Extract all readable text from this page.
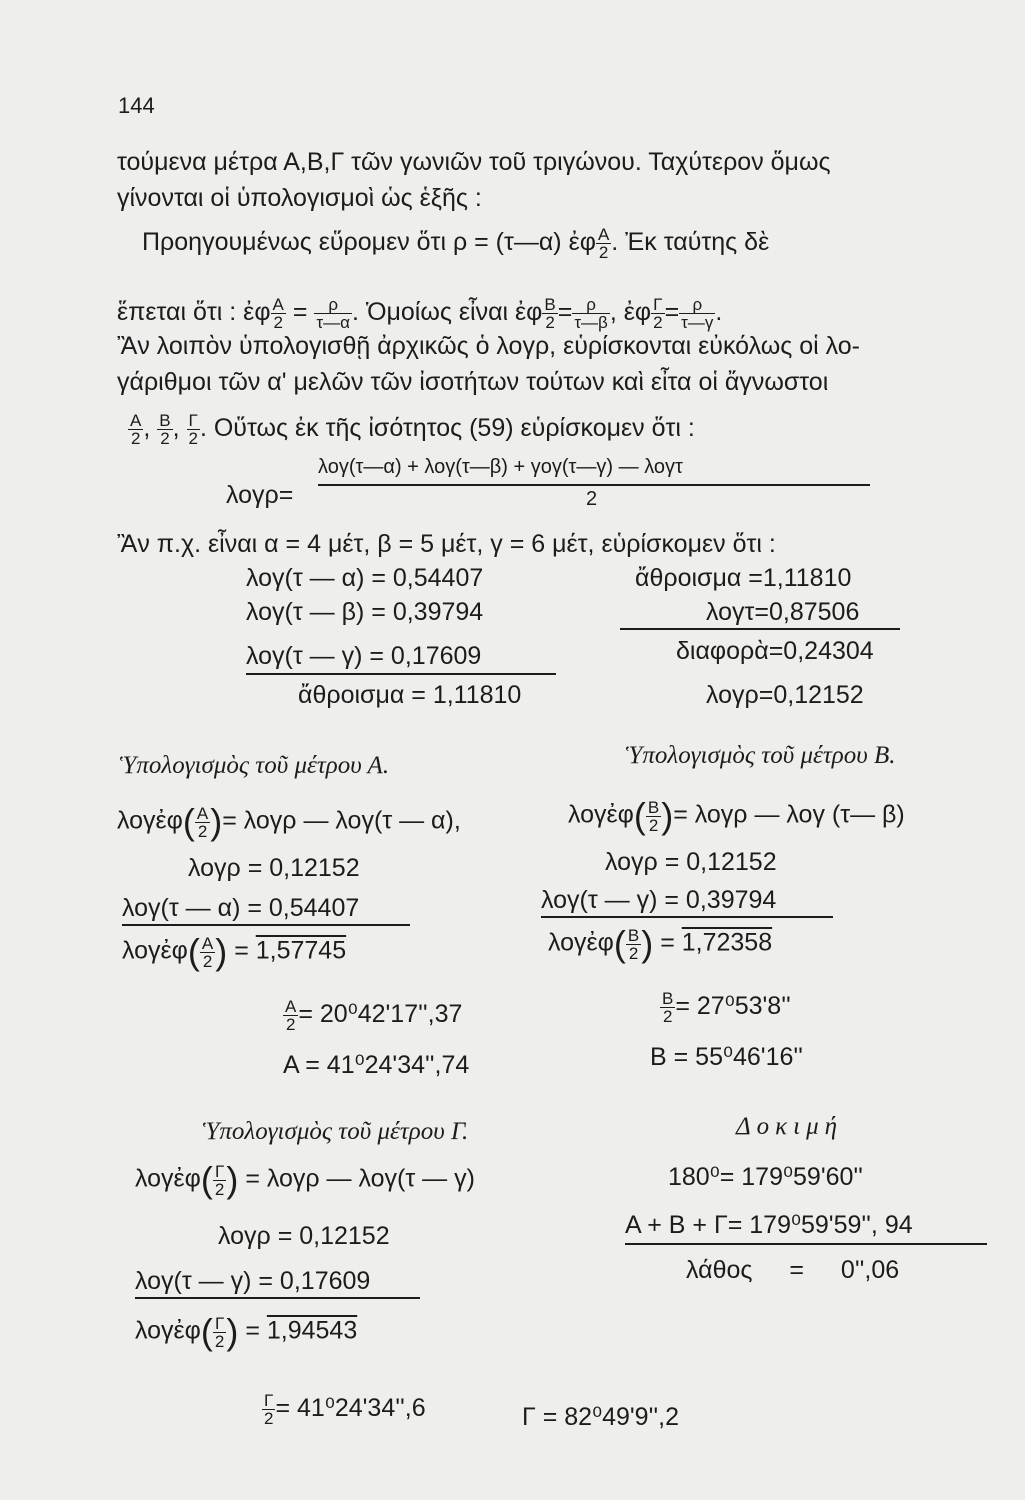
144
τούμενα μέτρα Α,Β,Γ τῶν γωνιῶν τοῦ τριγώνου. Ταχύτερον ὅμως
γίνονται οἱ ὑπολογισμοὶ ὡς ἑξῆς :
Προηγουμένως εὕρομεν ὅτι ρ = (τ—α) ἐφ $\frac{A}{2}$ . Ἐκ ταύτης δὲ
ἕπεται ὅτι : ἐφ $\frac{A}{2} = \frac{\rho}{\tau—\alpha}$ . Ὁμοίως εἶναι ἐφ $\frac{B}{2} = \frac{\rho}{\tau—\beta}$ , ἐφ $\frac{\Gamma}{2} = \frac{\rho}{\tau—\gamma}$ .
Ἂν λοιπὸν ὑπολογισθῇ ἀρχικῶς ὁ λογρ, εὑρίσκονται εὐκόλως οἱ λο-
γάριθμοι τῶν α' μελῶν τῶν ἰσοτήτων τούτων καὶ εἶτα οἱ ἄγνωστοι
$\frac{A}{2}$ , $\frac{B}{2}$ , $\frac{\Gamma}{2}$ . Οὕτως ἐκ τῆς ἰσότητος (59) εὑρίσκομεν ὅτι :
λογρ=
λογ(τ—α) + λογ(τ—β) + γογ(τ—γ) — λογτ
2
Ἂν π.χ. εἶναι α = 4 μέτ, β = 5 μέτ, γ = 6 μέτ, εὑρίσκομεν ὅτι :
λογ(τ — α) = 0,54407
λογ(τ — β) = 0,39794
λογ(τ — γ) = 0,17609
ἄθροισμα = 1,11810
ἄθροισμα =1,11810
λογτ=0,87506
διαφορὰ=0,24304
λογρ=0,12152
Ὑπολογισμὸς τοῦ μέτρου Α.
λογἐφ( $\frac{A}{2}$ )= λογρ — λογ(τ — α),
λογρ = 0,12152
λογ(τ — α) = 0,54407
λογἐφ( $\frac{A}{2}$ ) = 1,57745
$\frac{A}{2} = 20^042'17'',37$
Α = 41⁰24'34'',74
Ὑπολογισμὸς τοῦ μέτρου Β.
λογἐφ( $\frac{B}{2}$ )= λογρ — λογ (τ— β)
λογρ = 0,12152
λογ(τ — γ) = 0,39794
λογἐφ( $\frac{B}{2}$ ) = 1,72358
$\frac{B}{2} = 27^053'8''$
Β = 55⁰46'16''
Ὑπολογισμὸς τοῦ μέτρου Γ.
λογἐφ( $\frac{\Gamma}{2}$ ) = λογρ — λογ(τ — γ)
λογρ = 0,12152
λογ(τ — γ) = 0,17609
λογἐφ( $\frac{\Gamma}{2}$ ) = 1,94543
$\frac{\Gamma}{2} = 41^024'34'',6$	Γ = 82⁰49'9'',2
Δοκιμή
180⁰= 179⁰59'60''
Α + Β + Γ= 179⁰59'59'', 94
λάθος = 0'',06
